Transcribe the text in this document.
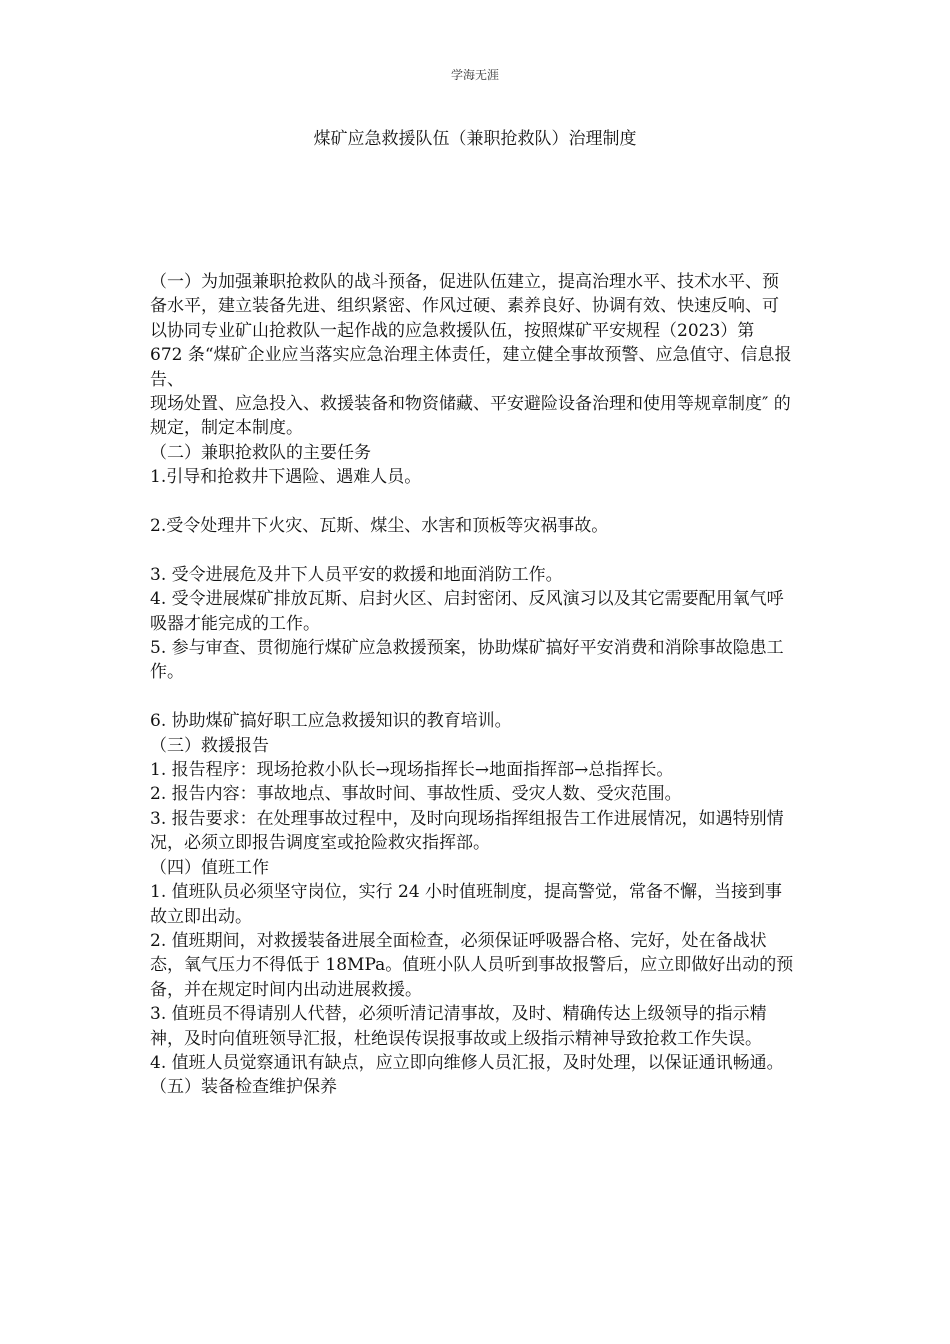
学海无涯
煤矿应急救援队伍（兼职抢救队）治理制度

（一）为加强兼职抢救队的战斗预备，促进队伍建立，提高治理水平、技术水平、预备水平，建立装备先进、组织紧密、作风过硬、素养良好、协调有效、快速反响、可以协同专业矿山抢救队一起作战的应急救援队伍，按照煤矿平安规程（2023）第

672 条“煤矿企业应当落实应急治理主体责任，建立健全事故预警、应急值守、信息报告、

现场处置、应急投入、救援装备和物资储藏、平安避险设备治理和使用等规章制度″ 的

规定，制定本制度。

（二）兼职抢救队的主要任务

1.引导和抢救井下遇险、遇难人员。

2.受令处理井下火灾、瓦斯、煤尘、水害和顶板等灾祸事故。

3. 受令进展危及井下人员平安的救援和地面消防工作。

4. 受令进展煤矿排放瓦斯、启封火区、启封密闭、反风演习以及其它需要配用氧气呼吸器才能完成的工作。

5. 参与审查、贯彻施行煤矿应急救援预案，协助煤矿搞好平安消费和消除事故隐患工作。

6. 协助煤矿搞好职工应急救援知识的教育培训。

（三）救援报告

1. 报告程序：现场抢救小队长→现场指挥长→地面指挥部→总指挥长。

2. 报告内容：事故地点、事故时间、事故性质、受灾人数、受灾范围。

3. 报告要求：在处理事故过程中，及时向现场指挥组报告工作进展情况，如遇特别情况，必须立即报告调度室或抢险救灾指挥部。

（四）值班工作

1. 值班队员必须坚守岗位，实行 24 小时值班制度，提高警觉，常备不懈，当接到事故立即出动。

2. 值班期间，对救援装备进展全面检查，必须保证呼吸器合格、完好，处在备战状态，氧气压力不得低于 18MPa。值班小队人员听到事故报警后，应立即做好出动的预备，并在规定时间内出动进展救援。

3. 值班员不得请别人代替，必须听清记清事故，及时、精确传达上级领导的指示精神，及时向值班领导汇报，杜绝误传误报事故或上级指示精神导致抢救工作失误。

4. 值班人员觉察通讯有缺点，应立即向维修人员汇报，及时处理，以保证通讯畅通。

（五）装备检查维护保养
